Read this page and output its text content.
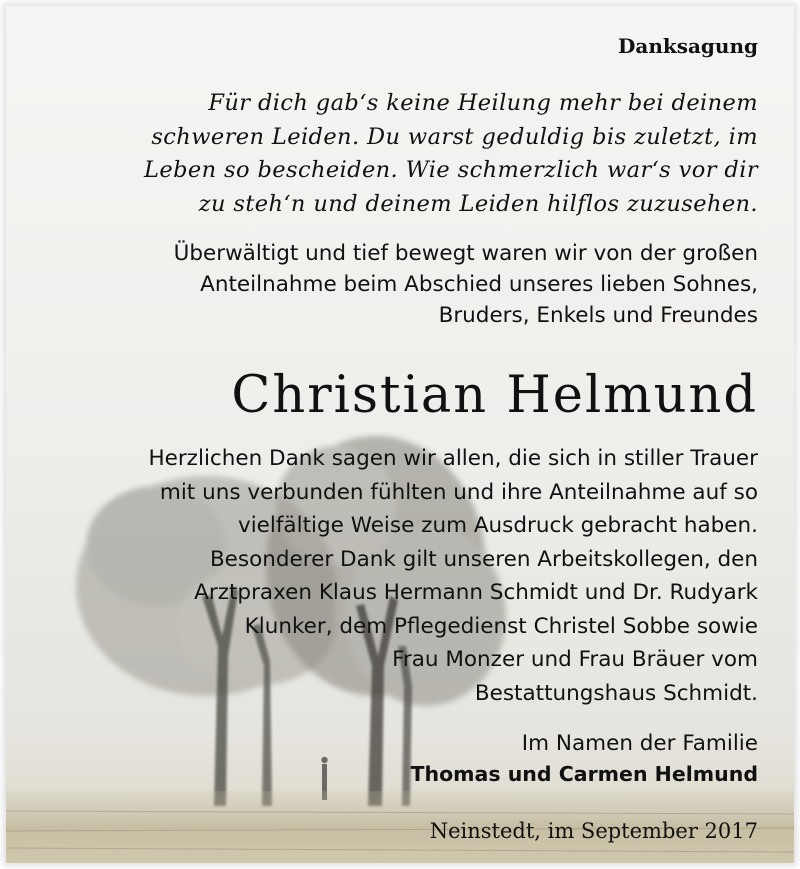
Danksagung
Für dich gab‘s keine Heilung mehr bei deinem
schweren Leiden. Du warst geduldig bis zuletzt, im
Leben so bescheiden. Wie schmerzlich war‘s vor dir
zu steh‘n und deinem Leiden hilflos zuzusehen.
Überwältigt und tief bewegt waren wir von der großen
Anteilnahme beim Abschied unseres lieben Sohnes,
Bruders, Enkels und Freundes
Christian Helmund
Herzlichen Dank sagen wir allen, die sich in stiller Trauer
mit uns verbunden fühlten und ihre Anteilnahme auf so
vielfältige Weise zum Ausdruck gebracht haben.
Besonderer Dank gilt unseren Arbeitskollegen, den
Arztpraxen Klaus Hermann Schmidt und Dr. Rudyark
Klunker, dem Pflegedienst Christel Sobbe sowie
Frau Monzer und Frau Bräuer vom
Bestattungshaus Schmidt.
Im Namen der Familie
Thomas und Carmen Helmund
Neinstedt, im September 2017
